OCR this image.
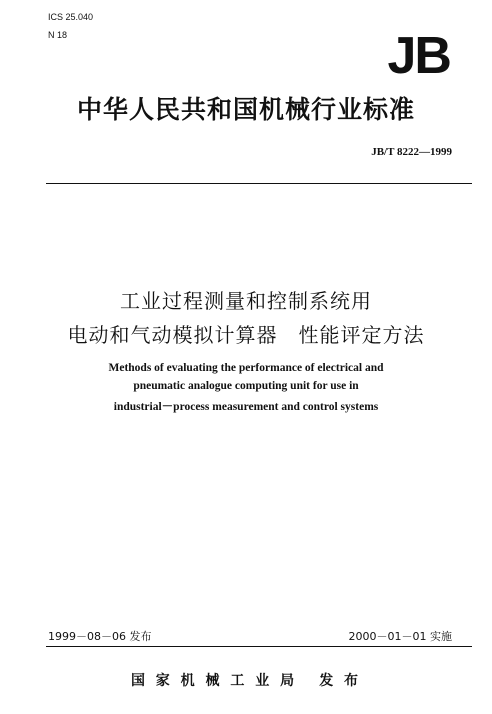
ICS 25.040
N 18	JB
中华人民共和国机械行业标准
JB/T 8222—1999
工业过程测量和控制系统用
电动和气动模拟计算器　性能评定方法
Methods of evaluating the performance of electrical and
pneumatic analogue computing unit for use in
industrial－process measurement and control systems
1999－08－06 发布	2000－01－01 实施
国 家 机 械 工 业 局 发 布
